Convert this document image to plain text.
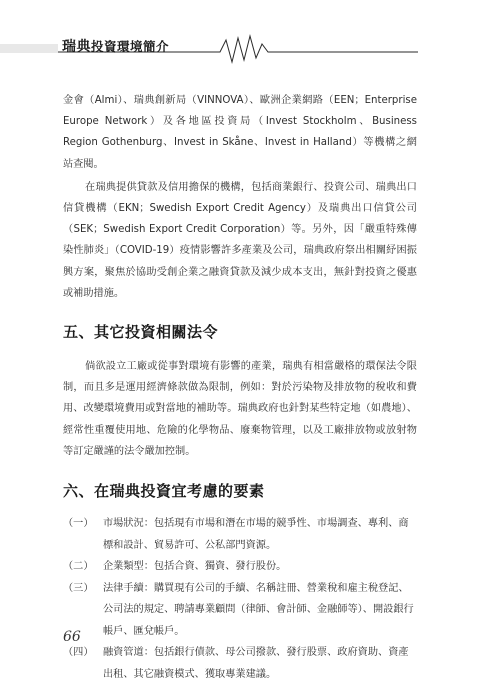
瑞典投資環境簡介

金會（Almi）、瑞典創新局（VINNOVA）、歐洲企業網路（EEN；Enterprise Europe Network）及各地區投資局（Invest Stockholm、Business Region Gothenburg、Invest in Skåne、Invest in Halland）等機構之網站查閱。

在瑞典提供貸款及信用擔保的機構，包括商業銀行、投資公司、瑞典出口信貸機構（EKN；Swedish Export Credit Agency）及瑞典出口信貸公司（SEK；Swedish Export Credit Corporation）等。另外，因「嚴重特殊傳染性肺炎」（COVID-19）疫情影響許多產業及公司，瑞典政府祭出相關紓困振興方案，聚焦於協助受創企業之融資貸款及減少成本支出，無針對投資之優惠或補助措施。

五、其它投資相關法令

倘欲設立工廠或從事對環境有影響的產業，瑞典有相當嚴格的環保法令限制，而且多是運用經濟條款做為限制，例如：對於污染物及排放物的稅收和費用、改變環境費用或對當地的補助等。瑞典政府也針對某些特定地（如農地）、經常性重覆使用地、危險的化學物品、廢棄物管理，以及工廠排放物或放射物等訂定嚴謹的法令嚴加控制。

六、在瑞典投資宜考慮的要素
（一） 市場狀況：包括現有市場和潛在市場的競爭性、市場調查、專利、商標和設計、貿易許可、公私部門資源。
（二） 企業類型：包括合資、獨資、發行股份。
（三） 法律手續：購買現有公司的手續、名稱註冊、營業稅和雇主稅登記、公司法的規定、聘請專業顧問（律師、會計師、金融師等）、開設銀行帳戶、匯兌帳戶。
（四） 融資管道：包括銀行債款、母公司撥款、發行股票、政府資助、資產出租、其它融資模式、獲取專業建議。
66
